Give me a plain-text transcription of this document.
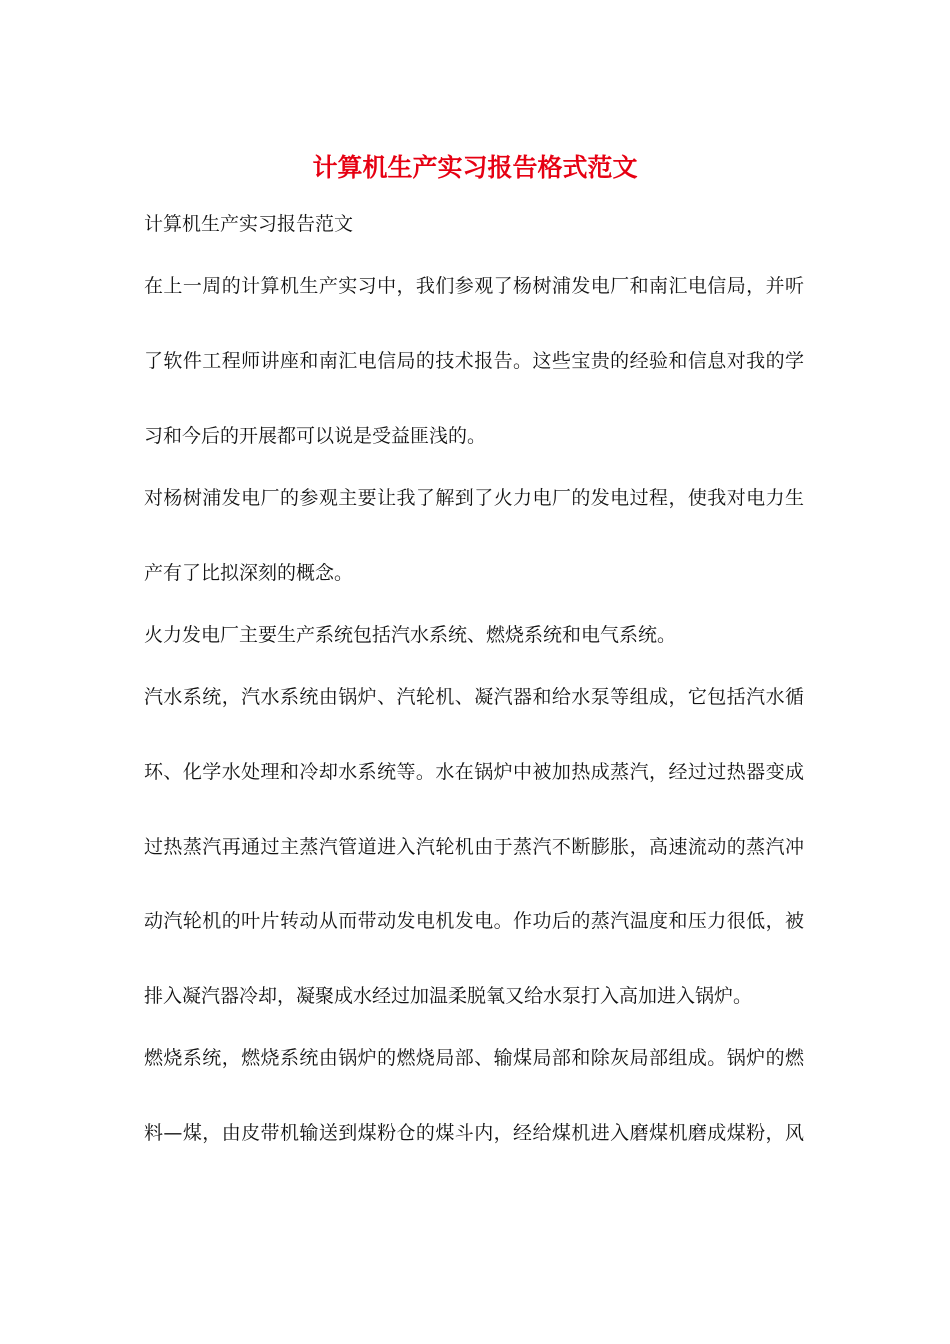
计算机生产实习报告格式范文

计算机生产实习报告范文

在上一周的计算机生产实习中，我们参观了杨树浦发电厂和南汇电信局，并听

了软件工程师讲座和南汇电信局的技术报告。这些宝贵的经验和信息对我的学

习和今后的开展都可以说是受益匪浅的。

对杨树浦发电厂的参观主要让我了解到了火力电厂的发电过程，使我对电力生

产有了比拟深刻的概念。

火力发电厂主要生产系统包括汽水系统、燃烧系统和电气系统。

汽水系统，汽水系统由锅炉、汽轮机、凝汽器和给水泵等组成，它包括汽水循

环、化学水处理和冷却水系统等。水在锅炉中被加热成蒸汽，经过过热器变成

过热蒸汽再通过主蒸汽管道进入汽轮机由于蒸汽不断膨胀，高速流动的蒸汽冲

动汽轮机的叶片转动从而带动发电机发电。作功后的蒸汽温度和压力很低，被

排入凝汽器冷却，凝聚成水经过加温柔脱氧又给水泵打入高加进入锅炉。

燃烧系统，燃烧系统由锅炉的燃烧局部、输煤局部和除灰局部组成。锅炉的燃

料—煤，由皮带机输送到煤粉仓的煤斗内，经给煤机进入磨煤机磨成煤粉，风
